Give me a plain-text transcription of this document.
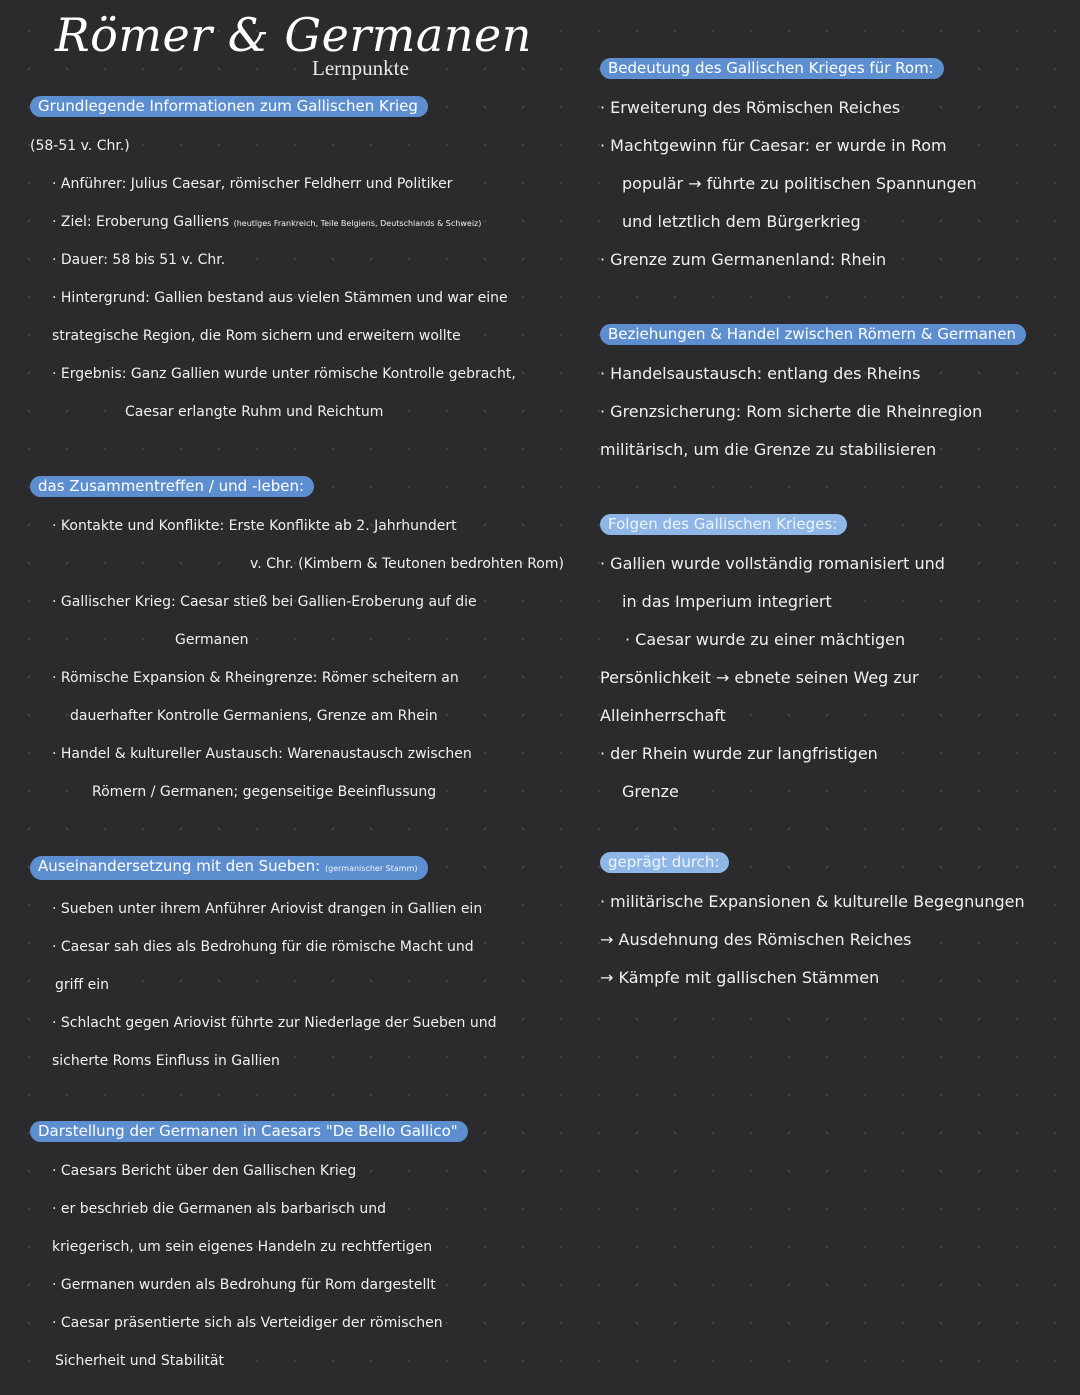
Römer & Germanen
Lernpunkte
Grundlegende Informationen zum Gallischen Krieg
(58-51 v. Chr.)
· Anführer: Julius Caesar, römischer Feldherr und Politiker
· Ziel: Eroberung Galliens (heutiges Frankreich, Teile Belgiens, Deutschlands & Schweiz)
· Dauer: 58 bis 51 v. Chr.
· Hintergrund: Gallien bestand aus vielen Stämmen und war eine
strategische Region, die Rom sichern und erweitern wollte
· Ergebnis: Ganz Gallien wurde unter römische Kontrolle gebracht,
Caesar erlangte Ruhm und Reichtum
das Zusammentreffen / und -leben:
· Kontakte und Konflikte: Erste Konflikte ab 2. Jahrhundert
v. Chr. (Kimbern & Teutonen bedrohten Rom)
· Gallischer Krieg: Caesar stieß bei Gallien-Eroberung auf die
Germanen
· Römische Expansion & Rheingrenze: Römer scheitern an
dauerhafter Kontrolle Germaniens, Grenze am Rhein
· Handel & kultureller Austausch: Warenaustausch zwischen
Römern / Germanen; gegenseitige Beeinflussung
Auseinandersetzung mit den Sueben: (germanischer Stamm)
· Sueben unter ihrem Anführer Ariovist drangen in Gallien ein
· Caesar sah dies als Bedrohung für die römische Macht und
griff ein
· Schlacht gegen Ariovist führte zur Niederlage der Sueben und
sicherte Roms Einfluss in Gallien
Darstellung der Germanen in Caesars "De Bello Gallico"
· Caesars Bericht über den Gallischen Krieg
· er beschrieb die Germanen als barbarisch und
kriegerisch, um sein eigenes Handeln zu rechtfertigen
· Germanen wurden als Bedrohung für Rom dargestellt
· Caesar präsentierte sich als Verteidiger der römischen
Sicherheit und Stabilität
Bedeutung des Gallischen Krieges für Rom:
· Erweiterung des Römischen Reiches
· Machtgewinn für Caesar: er wurde in Rom
populär → führte zu politischen Spannungen
und letztlich dem Bürgerkrieg
· Grenze zum Germanenland: Rhein
Beziehungen & Handel zwischen Römern & Germanen
· Handelsaustausch: entlang des Rheins
· Grenzsicherung: Rom sicherte die Rheinregion
militärisch, um die Grenze zu stabilisieren
Folgen des Gallischen Krieges:
· Gallien wurde vollständig romanisiert und
in das Imperium integriert
· Caesar wurde zu einer mächtigen
Persönlichkeit → ebnete seinen Weg zur
Alleinherrschaft
· der Rhein wurde zur langfristigen
Grenze
geprägt durch:
· militärische Expansionen & kulturelle Begegnungen
→ Ausdehnung des Römischen Reiches
→ Kämpfe mit gallischen Stämmen
